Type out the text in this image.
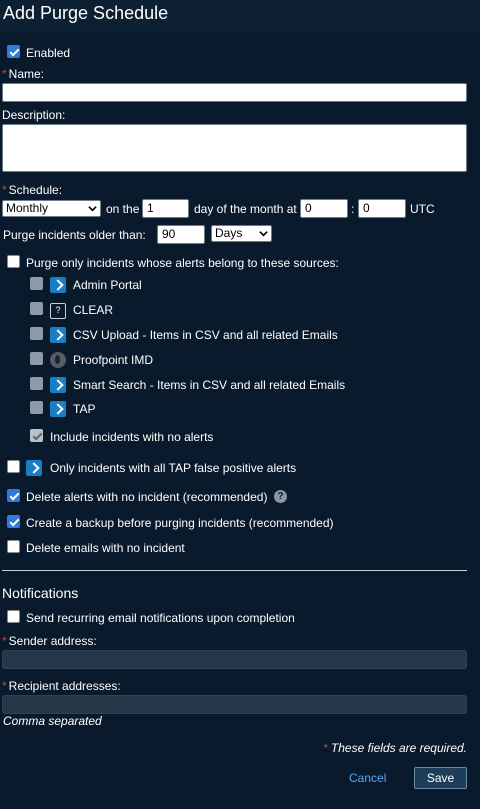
Add Purge Schedule
Enabled
* Name:
Description:
* Schedule:
Monthly	on the 1	day of the month at 0	: 0	UTC
Purge incidents older than:	90	Days
Purge only incidents whose alerts belong to these sources:
Admin Portal
?	CLEAR
CSV Upload - Items in CSV and all related Emails
Proofpoint IMD
Smart Search - Items in CSV and all related Emails
TAP
Include incidents with no alerts
Only incidents with all TAP false positive alerts
Delete alerts with no incident (recommended) ?
Create a backup before purging incidents (recommended)
Delete emails with no incident
Notifications
Send recurring email notifications upon completion
* Sender address:
* Recipient addresses:
Comma separated
* These fields are required.
Cancel	Save
